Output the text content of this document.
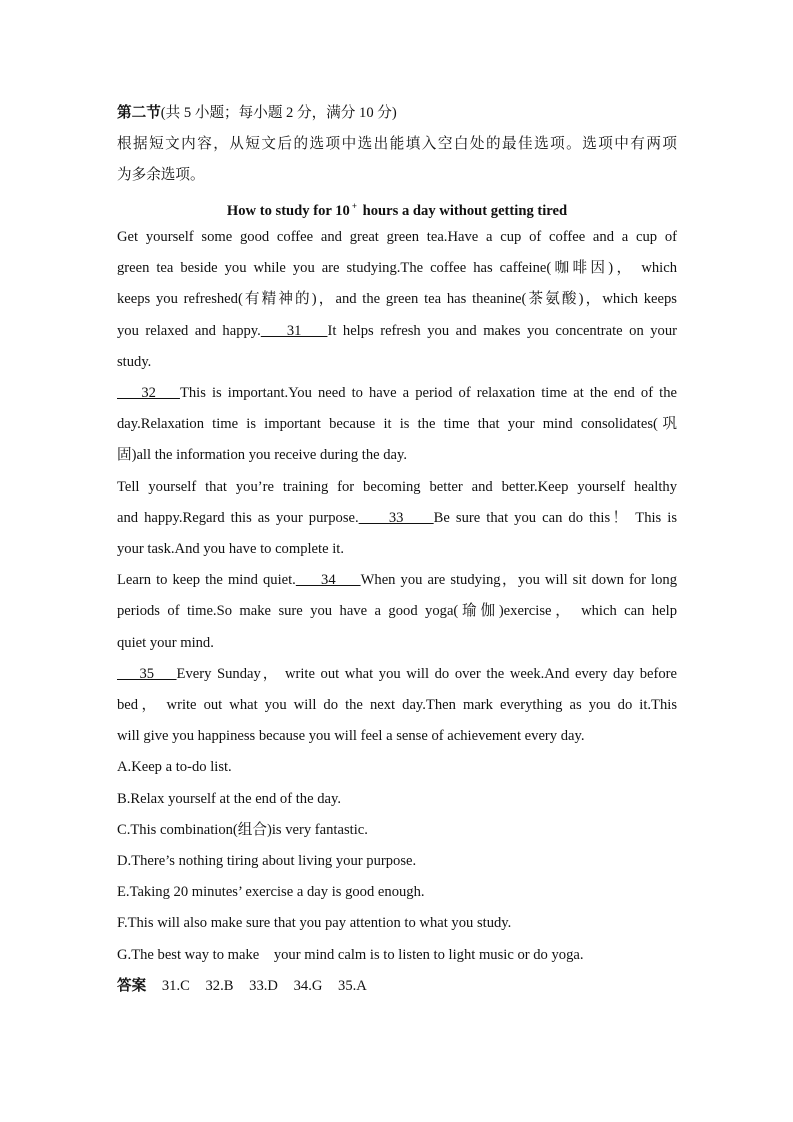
第二节(共 5 小题；每小题 2 分，满分 10 分)
根据短文内容，从短文后的选项中选出能填入空白处的最佳选项。选项中有两项
为多余选项。
How to study for 10 + hours a day without getting tired
Get yourself some good coffee and great green tea.Have a cup of coffee and a cup of
green tea beside you while you are studying.The coffee has caffeine(咖啡因)， which
keeps you refreshed(有精神的)，and the green tea has theanine(茶氨酸)，which keeps
you relaxed and happy.    31    It helps refresh you and makes you concentrate on your
study.
32    This is important.You need to have a period of relaxation time at the end of the
day.Relaxation time is important because it is the time that your mind consolidates(巩
固)all the information you receive during the day.
Tell yourself that you’re training for becoming better and better.Keep yourself healthy
and happy.Regard this as your purpose.     33     Be sure that you can do this！ This is
your task.And you have to complete it.
Learn to keep the mind quiet.     34     When you are studying，you will sit down for long
periods of time.So make sure you have a good yoga(瑜伽)exercise， which can help
quiet your mind.
35    Every Sunday， write out what you will do over the week.And every day before
bed， write out what you will do the next day.Then mark everything as you do it.This
will give you happiness because you will feel a sense of achievement every day.
A.Keep a to-do list.
B.Relax yourself at the end of the day.
C.This combination(组合)is very fantastic.
D.There’s nothing tiring about living your purpose.
E.Taking 20 minutes’ exercise a day is good enough.
F.This will also make sure that you pay attention to what you study.
G.The best way to make    your mind calm is to listen to light music or do yoga.
答案 31.C 32.B 33.D 34.G 35.A
